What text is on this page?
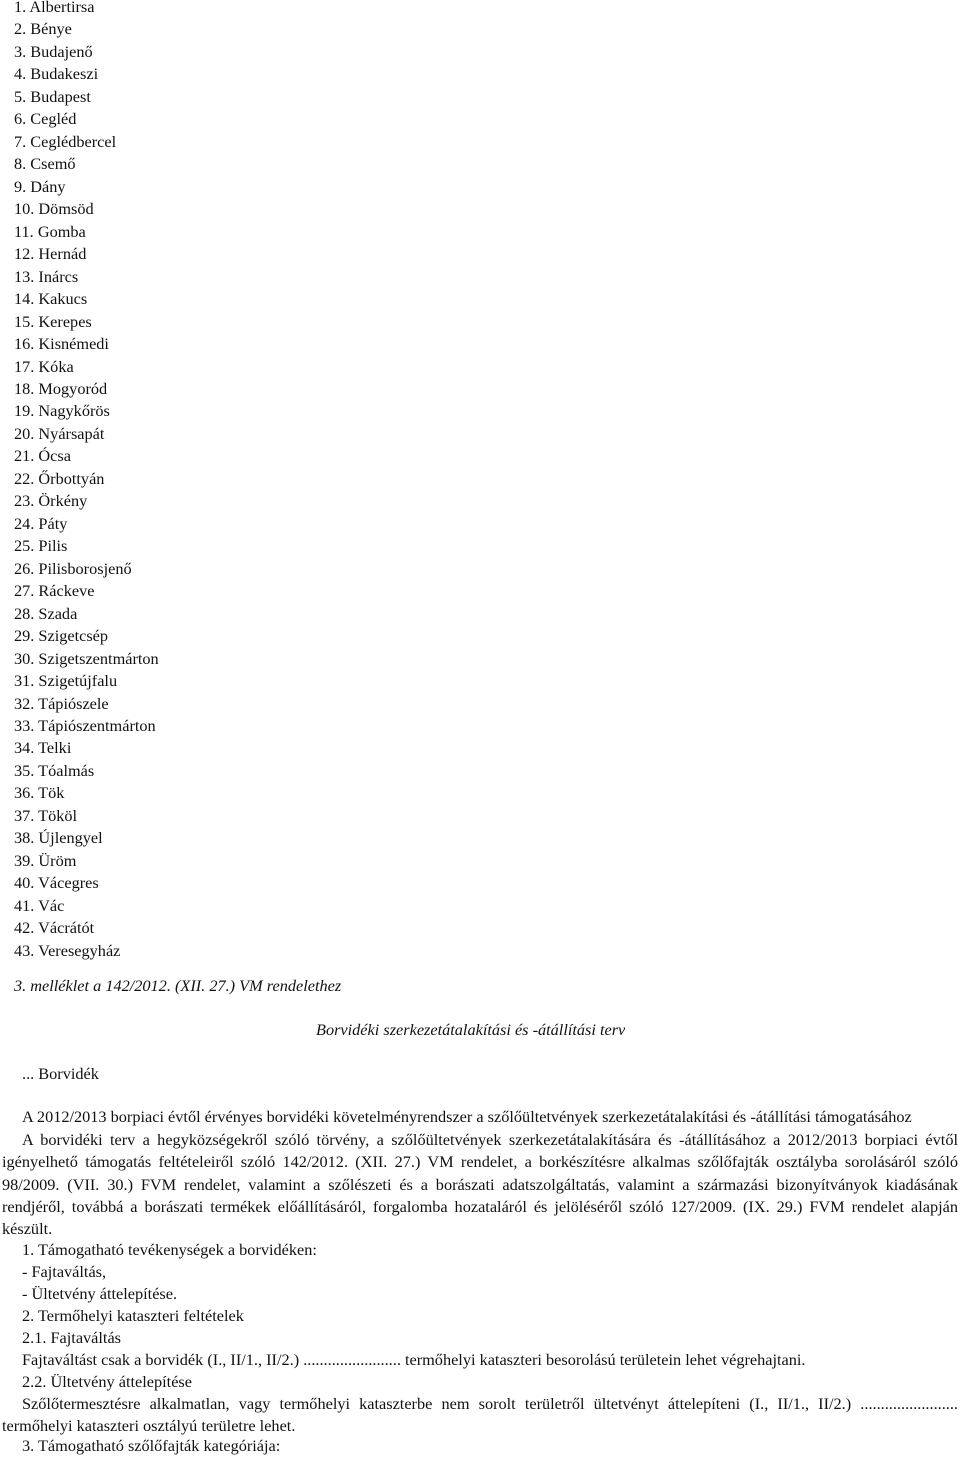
1. Albertirsa
2. Bénye
3. Budajenő
4. Budakeszi
5. Budapest
6. Cegléd
7. Ceglédbercel
8. Csemő
9. Dány
10. Dömsöd
11. Gomba
12. Hernád
13. Inárcs
14. Kakucs
15. Kerepes
16. Kisnémedi
17. Kóka
18. Mogyoród
19. Nagykőrös
20. Nyársapát
21. Ócsa
22. Őrbottyán
23. Örkény
24. Páty
25. Pilis
26. Pilisborosjenő
27. Ráckeve
28. Szada
29. Szigetcsép
30. Szigetszentmárton
31. Szigetújfalu
32. Tápiószele
33. Tápiószentmárton
34. Telki
35. Tóalmás
36. Tök
37. Tököl
38. Újlengyel
39. Üröm
40. Vácegres
41. Vác
42. Vácrátót
43. Veresegyház
3. melléklet a 142/2012. (XII. 27.) VM rendelethez
Borvidéki szerkezetátalakítási és -átállítási terv
... Borvidék
A 2012/2013 borpiaci évtől érvényes borvidéki követelményrendszer a szőlőültetvények szerkezetátalakítási és -átállítási támogatásához

A borvidéki terv a hegyközségekről szóló törvény, a szőlőültetvények szerkezetátalakítására és -átállításához a 2012/2013 borpiaci évtől igényelhető támogatás feltételeiről szóló 142/2012. (XII. 27.) VM rendelet, a borkészítésre alkalmas szőlőfajták osztályba sorolásáról szóló 98/2009. (VII. 30.) FVM rendelet, valamint a szőlészeti és a borászati adatszolgáltatás, valamint a származási bizonyítványok kiadásának rendjéről, továbbá a borászati termékek előállításáról, forgalomba hozataláról és jelöléséről szóló 127/2009. (IX. 29.) FVM rendelet alapján készült.

1. Támogatható tevékenységek a borvidéken:
- Fajtaváltás,
- Ültetvény áttelepítése.
2. Termőhelyi kataszteri feltételek
2.1. Fajtaváltás
Fajtaváltást csak a borvidék (I., II/1., II/2.) ........................ termőhelyi kataszteri besorolású területein lehet végrehajtani.
2.2. Ültetvény áttelepítése

Szőlőtermesztésre alkalmatlan, vagy termőhelyi kataszterbe nem sorolt területről ültetvényt áttelepíteni (I., II/1., II/2.) ........................ termőhelyi kataszteri osztályú területre lehet.

3. Támogatható szőlőfajták kategóriája:
